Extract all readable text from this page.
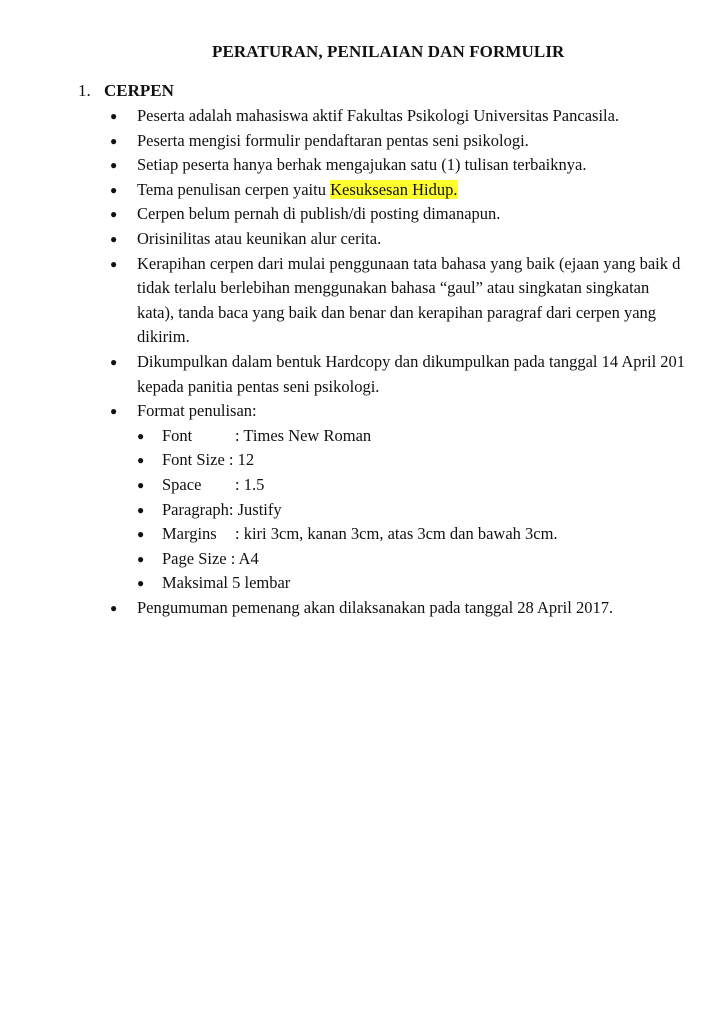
PERATURAN, PENILAIAN DAN FORMULIR
1. CERPEN
●	Peserta adalah mahasiswa aktif Fakultas Psikologi Universitas Pancasila.
●	Peserta mengisi formulir pendaftaran pentas seni psikologi.
●	Setiap peserta hanya berhak mengajukan satu (1) tulisan terbaiknya.
●	Tema penulisan cerpen yaitu Kesuksesan Hidup.
●	Cerpen belum pernah di publish/di posting dimanapun.
●	Orisinilitas atau keunikan alur cerita.
●	Kerapihan cerpen dari mulai penggunaan tata bahasa yang baik (ejaan yang baik d
tidak terlalu berlebihan menggunakan bahasa “gaul” atau singkatan singkatan
kata), tanda baca yang baik dan benar dan kerapihan paragraf dari cerpen yang
dikirim.
●	Dikumpulkan dalam bentuk Hardcopy dan dikumpulkan pada tanggal 14 April 201
kepada panitia pentas seni psikologi.
●	Format penulisan:
●	Font	: Times New Roman
●	Font Size : 12
●	Space : 1.5
●	Paragraph: Justify
●	Margins : kiri 3cm, kanan 3cm, atas 3cm dan bawah 3cm.
●	Page Size : A4
●	Maksimal 5 lembar
●	Pengumuman pemenang akan dilaksanakan pada tanggal 28 April 2017.
